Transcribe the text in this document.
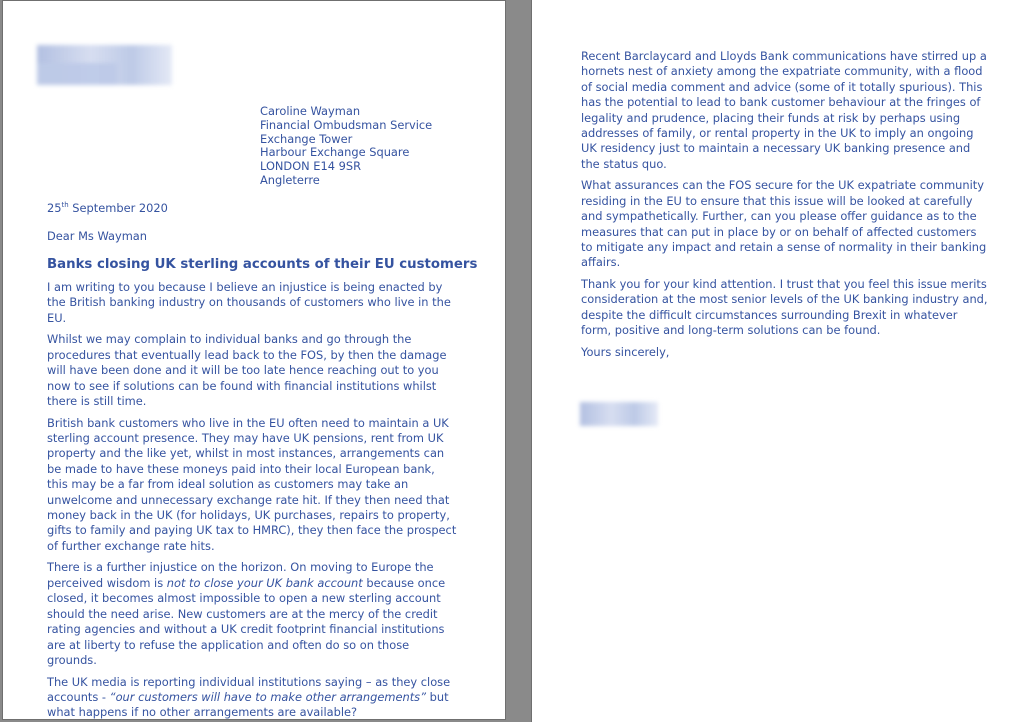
Caroline Wayman
Financial Ombudsman Service
Exchange Tower
Harbour Exchange Square
LONDON E14 9SR
Angleterre
25th September 2020
Dear Ms Wayman
Banks closing UK sterling accounts of their EU customers

I am writing to you because I believe an injustice is being enacted by the British banking industry on thousands of customers who live in the EU.

Whilst we may complain to individual banks and go through the procedures that eventually lead back to the FOS, by then the damage will have been done and it will be too late hence reaching out to you now to see if solutions can be found with financial institutions whilst there is still time.

British bank customers who live in the EU often need to maintain a UK sterling account presence. They may have UK pensions, rent from UK property and the like yet, whilst in most instances, arrangements can be made to have these moneys paid into their local European bank, this may be a far from ideal solution as customers may take an unwelcome and unnecessary exchange rate hit. If they then need that money back in the UK (for holidays, UK purchases, repairs to property, gifts to family and paying UK tax to HMRC), they then face the prospect of further exchange rate hits.

There is a further injustice on the horizon. On moving to Europe the perceived wisdom is not to close your UK bank account because once closed, it becomes almost impossible to open a new sterling account should the need arise. New customers are at the mercy of the credit rating agencies and without a UK credit footprint financial institutions are at liberty to refuse the application and often do so on those grounds.

The UK media is reporting individual institutions saying – as they close accounts - “our customers will have to make other arrangements” but what happens if no other arrangements are available?

Recent Barclaycard and Lloyds Bank communications have stirred up a hornets nest of anxiety among the expatriate community, with a flood of social media comment and advice (some of it totally spurious). This has the potential to lead to bank customer behaviour at the fringes of legality and prudence, placing their funds at risk by perhaps using addresses of family, or rental property in the UK to imply an ongoing UK residency just to maintain a necessary UK banking presence and the status quo.

What assurances can the FOS secure for the UK expatriate community residing in the EU to ensure that this issue will be looked at carefully and sympathetically. Further, can you please offer guidance as to the measures that can put in place by or on behalf of affected customers to mitigate any impact and retain a sense of normality in their banking affairs.

Thank you for your kind attention. I trust that you feel this issue merits consideration at the most senior levels of the UK banking industry and, despite the difficult circumstances surrounding Brexit in whatever form, positive and long-term solutions can be found.

Yours sincerely,
